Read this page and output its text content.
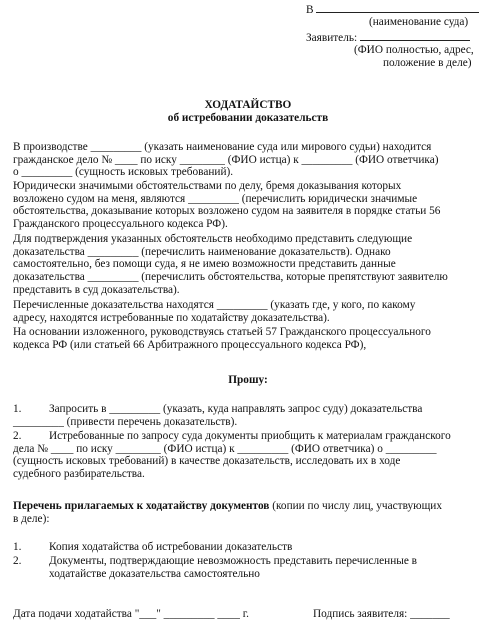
В
(наименование суда)
Заявитель:
(ФИО полностью, адрес,
положение в деле)
ХОДАТАЙСТВО
об истребовании доказательств

В производстве _________ (указать наименование суда или мирового судьи) находится

гражданское дело № ____ по иску ________ (ФИО истца) к _________ (ФИО ответчика)

о _________ (сущность исковых требований).

Юридически значимыми обстоятельствами по делу, бремя доказывания которых

возложено судом на меня, являются _________ (перечислить юридически значимые

обстоятельства, доказывание которых возложено судом на заявителя в порядке статьи 56

Гражданского процессуального кодекса РФ).

Для подтверждения указанных обстоятельств необходимо представить следующие

доказательства _________ (перечислить наименование доказательств). Однако

самостоятельно, без помощи суда, я не имею возможности представить данные

доказательства _________ (перечислить обстоятельства, которые препятствуют заявителю

представить в суд доказательства).

Перечисленные доказательства находятся _________ (указать где, у кого, по какому

адресу, находятся истребованные по ходатайству доказательства).

На основании изложенного, руководствуясь статьей 57 Гражданского процессуального

кодекса РФ (или статьей 66 Арбитражного процессуального кодекса РФ),

Прошу:
1. Запросить в _________ (указать, куда направлять запрос суду) доказательства
_________ (привести перечень доказательств).
2. Истребованные по запросу суда документы приобщить к материалам гражданского
дела № ____ по иску ________ (ФИО истца) к _________ (ФИО ответчика) о _________
(сущность исковых требований) в качестве доказательств, исследовать их в ходе
судебного разбирательства.

Перечень прилагаемых к ходатайству документов (копии по числу лиц, участвующих

в деле):

1. Копия ходатайства об истребовании доказательств
2. Документы, подтверждающие невозможность представить перечисленные в
ходатайстве доказательства самостоятельно
Дата подачи ходатайства "___" _________ ____ г.	Подпись заявителя: _______
